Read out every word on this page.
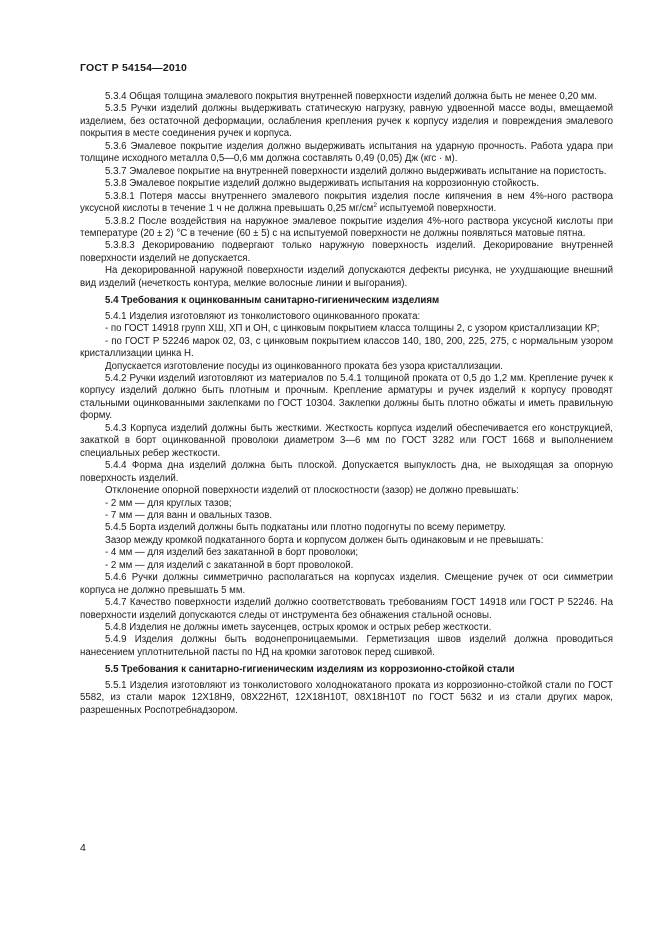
ГОСТ Р 54154—2010

5.3.4 Общая толщина эмалевого покрытия внутренней поверхности изделий должна быть не менее 0,20 мм.

5.3.5 Ручки изделий должны выдерживать статическую нагрузку, равную удвоенной массе воды, вмещаемой изделием, без остаточной деформации, ослабления крепления ручек к корпусу изделия и повреждения эмалевого покрытия в месте соединения ручек и корпуса.

5.3.6 Эмалевое покрытие изделия должно выдерживать испытания на ударную прочность. Работа удара при толщине исходного металла 0,5—0,6 мм должна составлять 0,49 (0,05) Дж (кгс · м).

5.3.7 Эмалевое покрытие на внутренней поверхности изделий должно выдерживать испытание на пористость.

5.3.8 Эмалевое покрытие изделий должно выдерживать испытания на коррозионную стойкость.

5.3.8.1 Потеря массы внутреннего эмалевого покрытия изделия после кипячения в нем 4%-ного раствора уксусной кислоты в течение 1 ч не должна превышать 0,25 $мг/см^2$ испытуемой поверхности.

5.3.8.2 После воздействия на наружное эмалевое покрытие изделия 4%-ного раствора уксусной кислоты при температуре (20 ± 2) °С в течение (60 ± 5) с на испытуемой поверхности не должны появляться матовые пятна.

5.3.8.3 Декорированию подвергают только наружную поверхность изделий. Декорирование внутренней поверхности изделий не допускается.

На декорированной наружной поверхности изделий допускаются дефекты рисунка, не ухудшающие внешний вид изделий (нечеткость контура, мелкие волосные линии и выгорания).

5.4 Требования к оцинкованным санитарно-гигиеническим изделиям

5.4.1 Изделия изготовляют из тонколистового оцинкованного проката:

- по ГОСТ 14918 групп ХШ, ХП и ОН, с цинковым покрытием класса толщины 2, с узором кристаллизации КР;

- по ГОСТ Р 52246 марок 02, 03, с цинковым покрытием классов 140, 180, 200, 225, 275, с нормальным узором кристаллизации цинка Н.

Допускается изготовление посуды из оцинкованного проката без узора кристаллизации.

5.4.2 Ручки изделий изготовляют из материалов по 5.4.1 толщиной проката от 0,5 до 1,2 мм. Крепление ручек к корпусу изделий должно быть плотным и прочным. Крепление арматуры и ручек изделий к корпусу проводят стальными оцинкованными заклепками по ГОСТ 10304. Заклепки должны быть плотно обжаты и иметь правильную форму.

5.4.3 Корпуса изделий должны быть жесткими. Жесткость корпуса изделий обеспечивается его конструкцией, закаткой в борт оцинкованной проволоки диаметром 3—6 мм по ГОСТ 3282 или ГОСТ 1668 и выполнением специальных ребер жесткости.

5.4.4 Форма дна изделий должна быть плоской. Допускается выпуклость дна, не выходящая за опорную поверхность изделий.

Отклонение опорной поверхности изделий от плоскостности (зазор) не должно превышать:

- 2 мм — для круглых тазов;

- 7 мм — для ванн и овальных тазов.

5.4.5 Борта изделий должны быть подкатаны или плотно подогнуты по всему периметру.

Зазор между кромкой подкатанного борта и корпусом должен быть одинаковым и не превышать:

- 4 мм — для изделий без закатанной в борт проволоки;

- 2 мм — для изделий с закатанной в борт проволокой.

5.4.6 Ручки должны симметрично располагаться на корпусах изделия. Смещение ручек от оси симметрии корпуса не должно превышать 5 мм.

5.4.7 Качество поверхности изделий должно соответствовать требованиям ГОСТ 14918 или ГОСТ Р 52246. На поверхности изделий допускаются следы от инструмента без обнажения стальной основы.

5.4.8 Изделия не должны иметь заусенцев, острых кромок и острых ребер жесткости.

5.4.9 Изделия должны быть водонепроницаемыми. Герметизация швов изделий должна проводиться нанесением уплотнительной пасты по НД на кромки заготовок перед сшивкой.

5.5 Требования к санитарно-гигиеническим изделиям из коррозионно-стойкой стали

5.5.1 Изделия изготовляют из тонколистового холоднокатаного проката из коррозионно-стойкой стали по ГОСТ 5582, из стали марок 12Х18Н9, 08Х22Н6Т, 12Х18Н10Т, 08Х18Н10Т по ГОСТ 5632 и из стали других марок, разрешенных Роспотребнадзором.

4
